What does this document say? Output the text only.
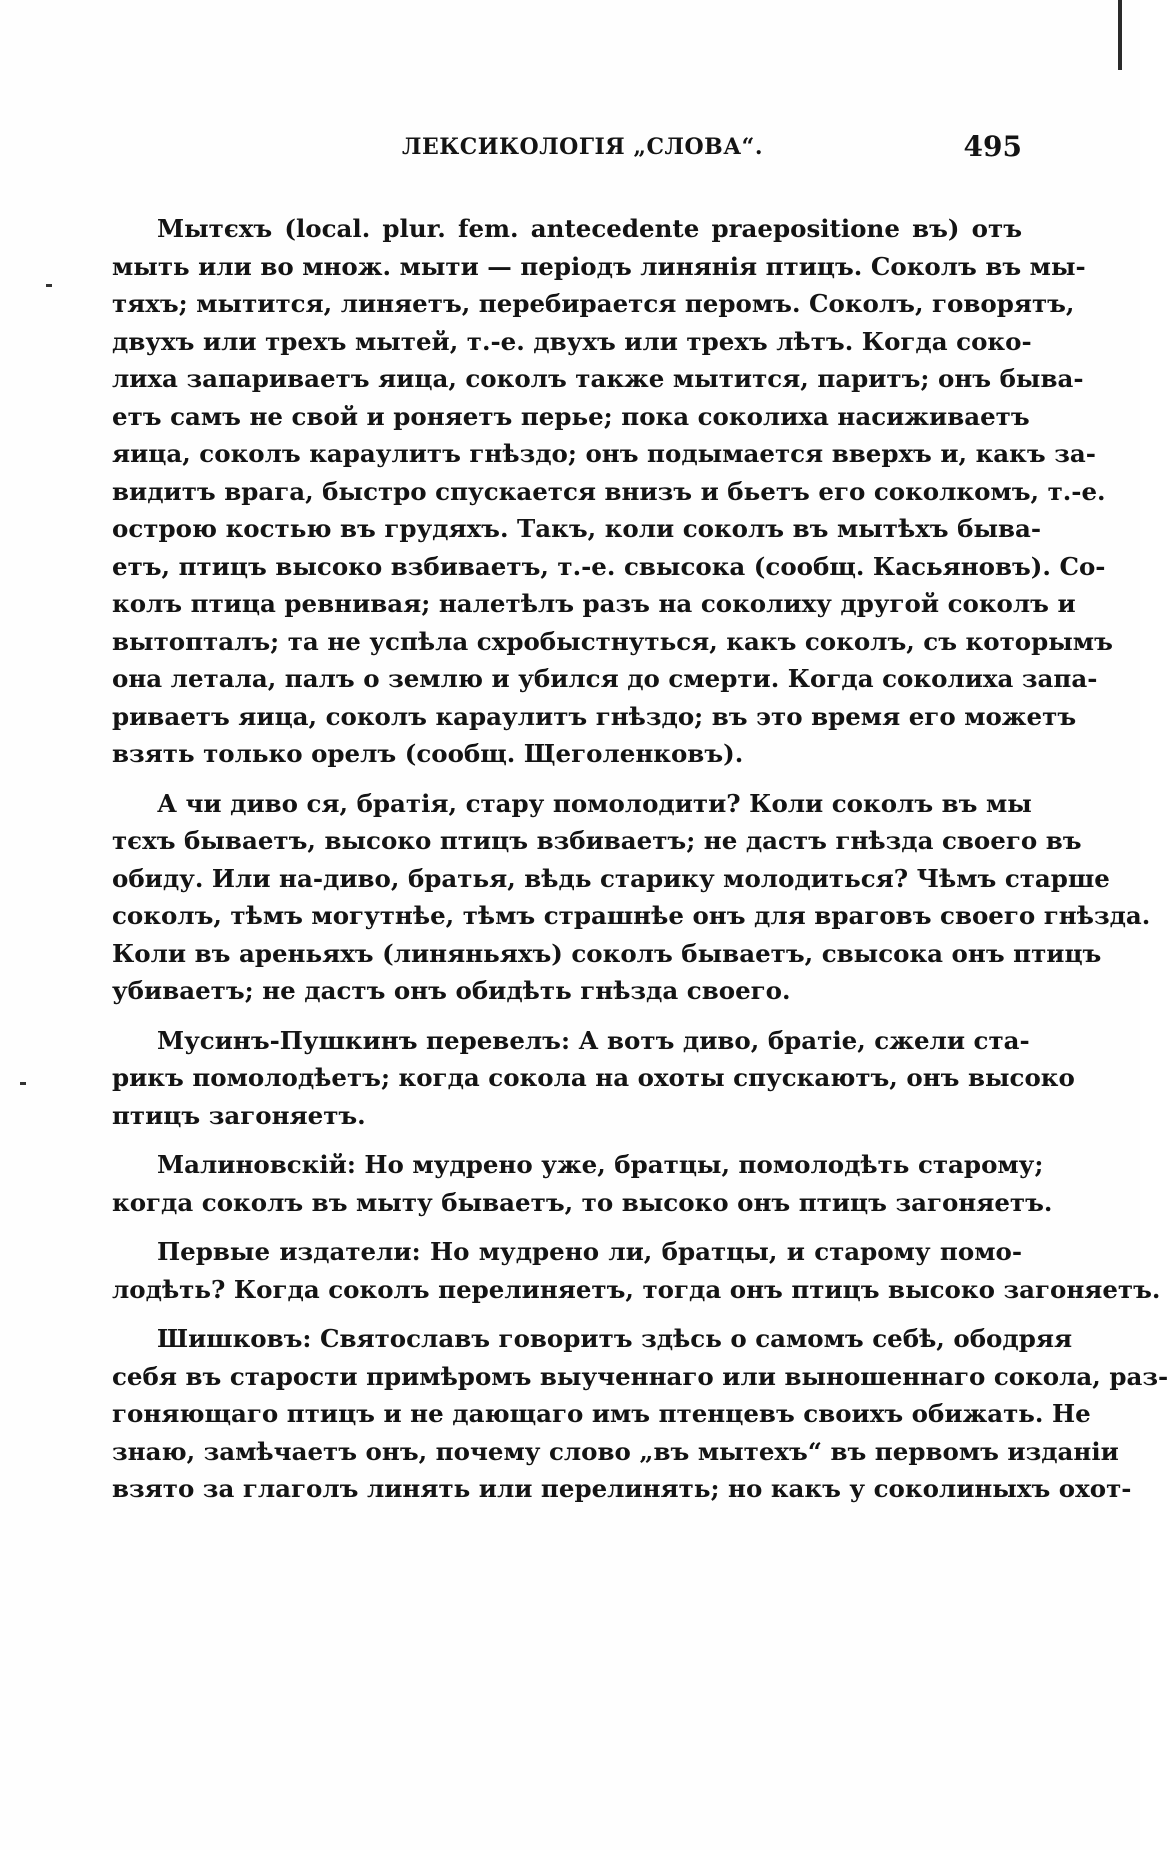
ЛЕКСИКОЛОГІЯ „СЛОВА“.	495
Мытєхъ (local. plur. fem. antecedente praepositione въ) отъ
мыть или во множ. мыти — періодъ линянія птицъ. Соколъ въ мы-
тяхъ; мытится, линяетъ, перебирается перомъ. Соколъ, говорятъ,
двухъ или трехъ мытей, т.-е. двухъ или трехъ лѣтъ. Когда соко-
лиха запариваетъ яица, соколъ также мытится, паритъ; онъ быва-
етъ самъ не свой и роняетъ перье; пока соколиха насиживаетъ
яица, соколъ караулитъ гнѣздо; онъ подымается вверхъ и, какъ за-
видитъ врага, быстро спускается внизъ и бьетъ его соколкомъ, т.-е.
острою костью въ грудяхъ. Такъ, коли соколъ въ мытѣхъ быва-
етъ, птицъ высоко взбиваетъ, т.-е. свысока (сообщ. Касьяновъ). Со-
колъ птица ревнивая; налетѣлъ разъ на соколиху другой соколъ и
вытопталъ; та не успѣла схробыстнуться, какъ соколъ, съ которымъ
она летала, палъ о землю и убился до смерти. Когда соколиха запа-
риваетъ яица, соколъ караулитъ гнѣздо; въ это время его можетъ
взять только орелъ (сообщ. Щеголенковъ).
А чи диво ся, братія, стару помолодити? Коли соколъ въ мы
тєхъ бываетъ, высоко птицъ взбиваетъ; не дастъ гнѣзда своего въ
обиду. Или на-диво, братья, вѣдь старику молодиться? Чѣмъ старше
соколъ, тѣмъ могутнѣе, тѣмъ страшнѣе онъ для враговъ своего гнѣзда.
Коли въ ареньяхъ (линяньяхъ) соколъ бываетъ, свысока онъ птицъ
убиваетъ; не дастъ онъ обидѣть гнѣзда своего.
Мусинъ-Пушкинъ перевелъ: А вотъ диво, братіе, сжели ста-
рикъ помолодѣетъ; когда сокола на охоты спускаютъ, онъ высоко
птицъ загоняетъ.
Малиновскій: Но мудрено уже, братцы, помолодѣть старому;
когда соколъ въ мыту бываетъ, то высоко онъ птицъ загоняетъ.
Первые издатели: Но мудрено ли, братцы, и старому помо-
лодѣть? Когда соколъ перелиняетъ, тогда онъ птицъ высоко загоняетъ.
Шишковъ: Святославъ говоритъ здѣсь о самомъ себѣ, ободряя
себя въ старости примѣромъ выученнаго или выношеннаго сокола, раз-
гоняющаго птицъ и не дающаго имъ птенцевъ своихъ обижать. Не
знаю, замѣчаетъ онъ, почему слово „въ мытехъ“ въ первомъ изданіи
взято за глаголъ линять или перелинять; но какъ у соколиныхъ охот-
